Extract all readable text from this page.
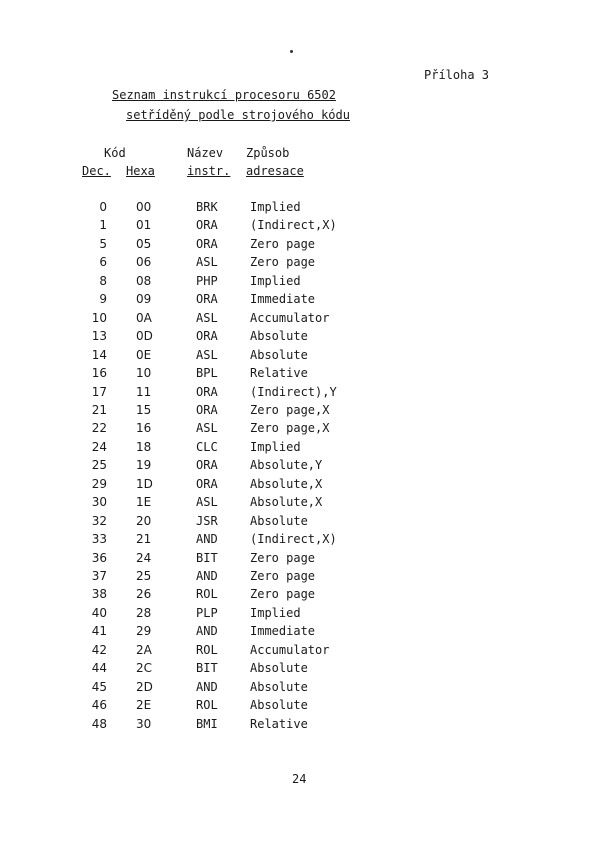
Příloha 3
Seznam instrukcí procesoru 6502
setříděný podle strojového kódu
Kód
Dec. Hexa
Název
instr.
Způsob
adresace
0 00	BRK	Implied
1 01	ORA	(Indirect,X)
5 05	ORA	Zero page
6 06	ASL	Zero page
8 08	PHP	Implied
9 09	ORA	Immediate
10 0A	ASL	Accumulator
13 0D	ORA	Absolute
14 0E	ASL	Absolute
16 10	BPL	Relative
17 11	ORA	(Indirect),Y
21 15	ORA	Zero page,X
22 16	ASL	Zero page,X
24 18	CLC	Implied
25 19	ORA	Absolute,Y
29 1D	ORA	Absolute,X
30 1E	ASL	Absolute,X
32 20	JSR	Absolute
33 21	AND	(Indirect,X)
36 24	BIT	Zero page
37 25	AND	Zero page
38 26	ROL	Zero page
40 28	PLP	Implied
41 29	AND	Immediate
42 2A	ROL	Accumulator
44 2C	BIT	Absolute
45 2D	AND	Absolute
46 2E	ROL	Absolute
48 30	BMI	Relative
24
